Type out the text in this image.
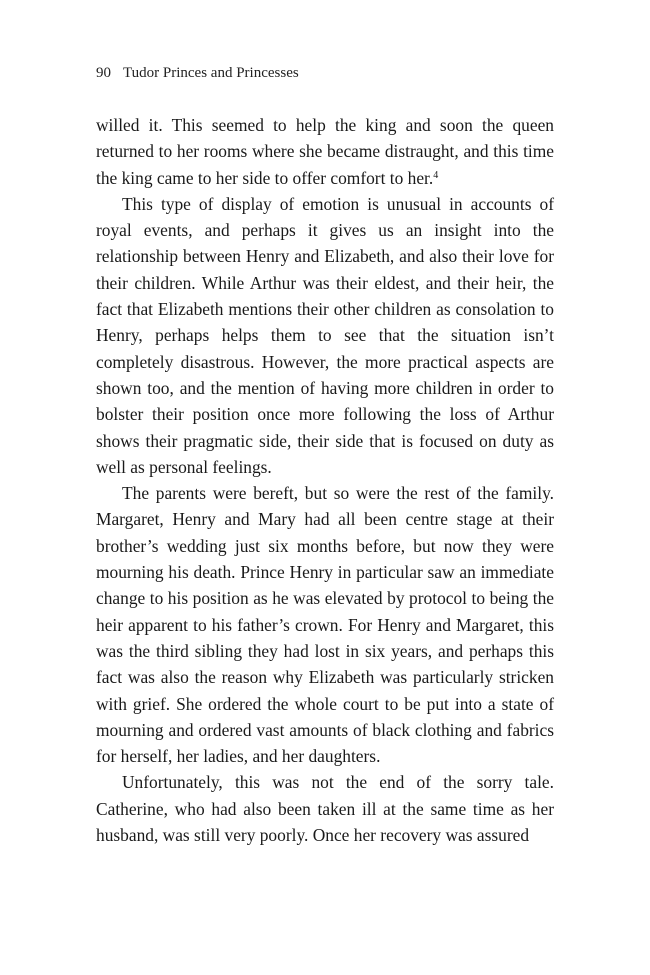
90 Tudor Princes and Princesses

willed it. This seemed to help the king and soon the queen returned to her rooms where she became distraught, and this time the king came to her side to offer comfort to her.$^4$

This type of display of emotion is unusual in accounts of royal events, and perhaps it gives us an insight into the relationship between Henry and Elizabeth, and also their love for their children. While Arthur was their eldest, and their heir, the fact that Elizabeth mentions their other children as consolation to Henry, perhaps helps them to see that the situation isn’t completely disastrous. However, the more practical aspects are shown too, and the mention of having more children in order to bolster their position once more following the loss of Arthur shows their pragmatic side, their side that is focused on duty as well as personal feelings.

The parents were bereft, but so were the rest of the family. Margaret, Henry and Mary had all been centre stage at their brother’s wedding just six months before, but now they were mourning his death. Prince Henry in particular saw an immediate change to his position as he was elevated by protocol to being the heir apparent to his father’s crown. For Henry and Margaret, this was the third sibling they had lost in six years, and perhaps this fact was also the reason why Elizabeth was particularly stricken with grief. She ordered the whole court to be put into a state of mourning and ordered vast amounts of black clothing and fabrics for herself, her ladies, and her daughters.

Unfortunately, this was not the end of the sorry tale. Catherine, who had also been taken ill at the same time as her husband, was still very poorly. Once her recovery was assured
